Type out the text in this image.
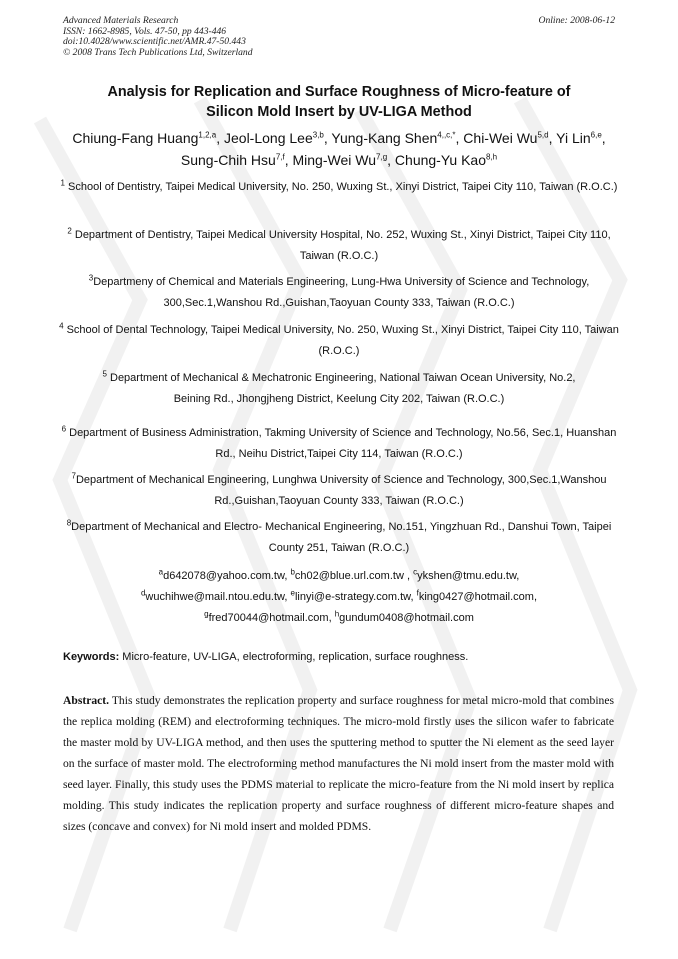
Advanced Materials Research
ISSN: 1662-8985, Vols. 47-50, pp 443-446
doi:10.4028/www.scientific.net/AMR.47-50.443
© 2008 Trans Tech Publications Ltd, Switzerland
Online: 2008-06-12
Analysis for Replication and Surface Roughness of Micro-feature of
Silicon Mold Insert by UV-LIGA Method
Chiung-Fang Huang$^{1,2,a}$, Jeol-Long Lee$^{3,b}$, Yung-Kang Shen$^{4,,c,*}$, Chi-Wei Wu$^{5,d}$, Yi Lin$^{6,e}$, Sung-Chih Hsu$^{7,f}$, Ming-Wei Wu$^{7,g}$, Chung-Yu Kao$^{8,h}$
$^1$ School of Dentistry, Taipei Medical University, No. 250, Wuxing St., Xinyi District, Taipei City 110, Taiwan (R.O.C.)
$^2$ Department of Dentistry, Taipei Medical University Hospital, No. 252, Wuxing St., Xinyi District, Taipei City 110, Taiwan (R.O.C.)
$^3$Departmeny of Chemical and Materials Engineering, Lung-Hwa University of Science and Technology, 300,Sec.1,Wanshou Rd.,Guishan,Taoyuan County 333, Taiwan (R.O.C.)
$^4$ School of Dental Technology, Taipei Medical University, No. 250, Wuxing St., Xinyi District, Taipei City 110, Taiwan (R.O.C.)
$^5$ Department of Mechanical & Mechatronic Engineering, National Taiwan Ocean University, No.2, Beining Rd., Jhongjheng District, Keelung City 202, Taiwan (R.O.C.)
$^6$ Department of Business Administration, Takming University of Science and Technology, No.56, Sec.1, Huanshan Rd., Neihu District,Taipei City 114, Taiwan (R.O.C.)
$^7$Department of Mechanical Engineering, Lunghwa University of Science and Technology, 300,Sec.1,Wanshou Rd.,Guishan,Taoyuan County 333, Taiwan (R.O.C.)
$^8$Department of Mechanical and Electro- Mechanical Engineering, No.151, Yingzhuan Rd., Danshui Town, Taipei County 251, Taiwan (R.O.C.)
$^a$d642078@yahoo.com.tw, $^b$ch02@blue.url.com.tw , $^c$ykshen@tmu.edu.tw,
$^d$wuchihwe@mail.ntou.edu.tw, $^e$linyi@e-strategy.com.tw, $^f$king0427@hotmail.com,
$^g$fred70044@hotmail.com, $^h$gundum0408@hotmail.com
Keywords: Micro-feature, UV-LIGA, electroforming, replication, surface roughness.
Abstract. This study demonstrates the replication property and surface roughness for metal micro-mold that combines the replica molding (REM) and electroforming techniques. The micro-mold firstly uses the silicon wafer to fabricate the master mold by UV-LIGA method, and then uses the sputtering method to sputter the Ni element as the seed layer on the surface of master mold. The electroforming method manufactures the Ni mold insert from the master mold with seed layer. Finally, this study uses the PDMS material to replicate the micro-feature from the Ni mold insert by replica molding. This study indicates the replication property and surface roughness of different micro-feature shapes and sizes (concave and convex) for Ni mold insert and molded PDMS.
